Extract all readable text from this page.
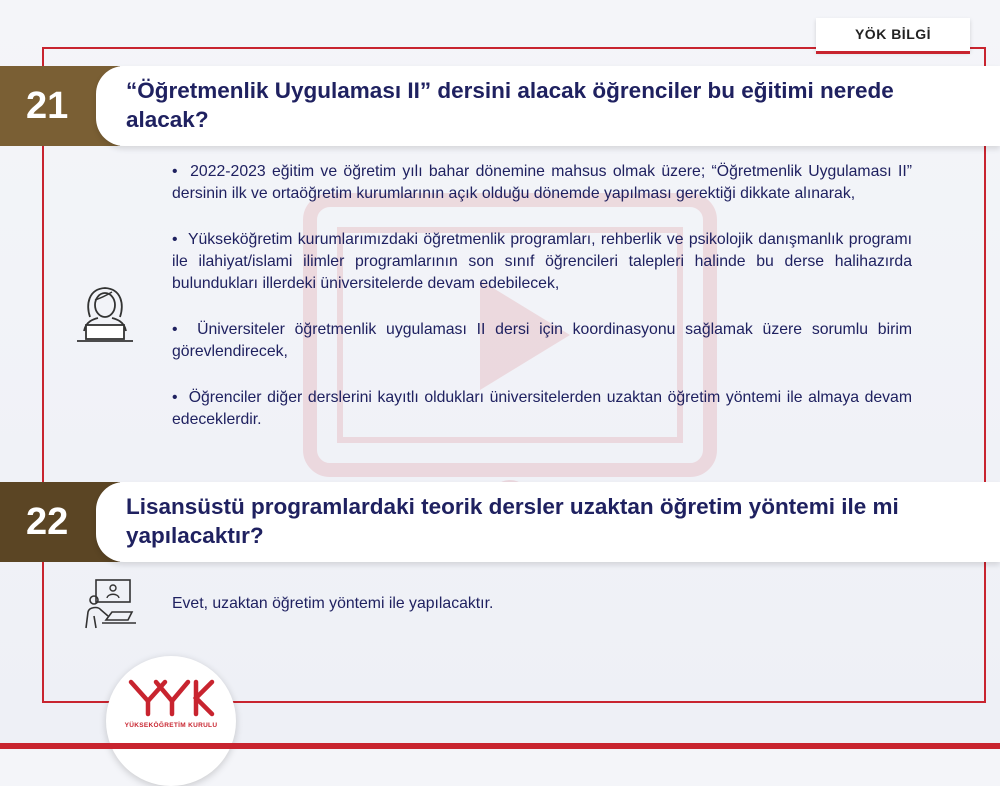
YÖK BİLGİ
21	“Öğretmenlik Uygulaması II” dersini alacak öğrenciler bu eğitimi nerede alacak?

• 2022-2023 eğitim ve öğretim yılı bahar dönemine mahsus olmak üzere; “Öğretmenlik Uygulaması II” dersinin ilk ve ortaöğretim kurumlarının açık olduğu dönemde yapılması gerektiği dikkate alınarak,

• Yükseköğretim kurumlarımızdaki öğretmenlik programları, rehberlik ve psikolojik danışmanlık programı ile ilahiyat/islami ilimler programlarının son sınıf öğrencileri talepleri halinde bu derse halihazırda bulundukları illerdeki üniversitelerde devam edebilecek,

• Üniversiteler öğretmenlik uygulaması II dersi için koordinasyonu sağlamak üzere sorumlu birim görevlendirecek,

• Öğrenciler diğer derslerini kayıtlı oldukları üniversitelerden uzaktan öğretim yöntemi ile almaya devam edeceklerdir.

22	Lisansüstü programlardaki teorik dersler uzaktan öğretim yöntemi ile mi yapılacaktır?
Evet, uzaktan öğretim yöntemi ile yapılacaktır.
YÜKSEKÖĞRETİM KURULU
